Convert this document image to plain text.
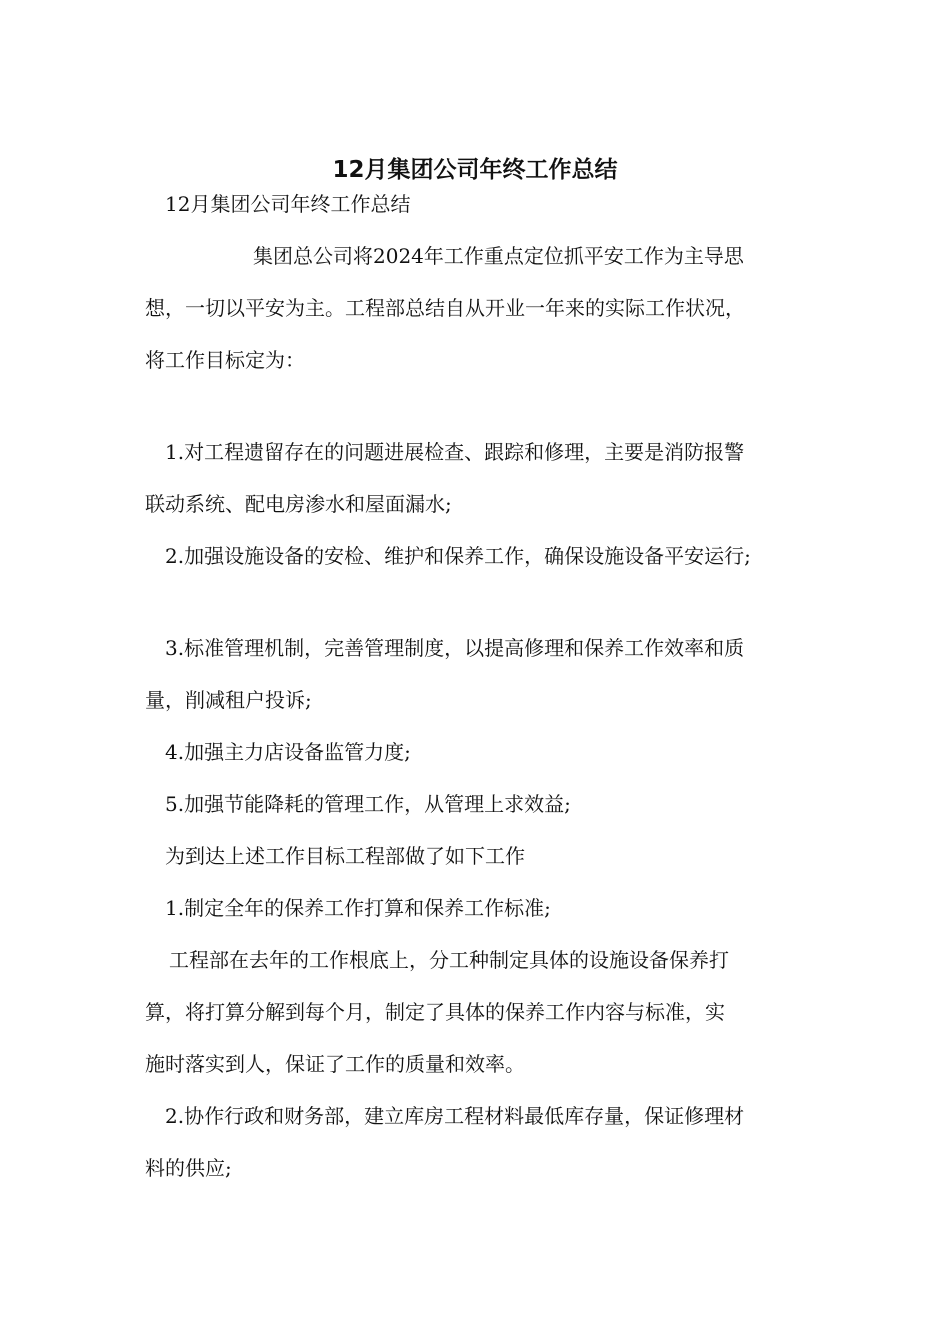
12月集团公司年终工作总结
12月集团公司年终工作总结
集团总公司将2024年工作重点定位抓平安工作为主导思
想，一切以平安为主。工程部总结自从开业一年来的实际工作状况，
将工作目标定为：
1.对工程遗留存在的问题进展检查、跟踪和修理，主要是消防报警
联动系统、配电房渗水和屋面漏水;
2.加强设施设备的安检、维护和保养工作，确保设施设备平安运行;
3.标准管理机制，完善管理制度，以提高修理和保养工作效率和质
量，削减租户投诉;
4.加强主力店设备监管力度;
5.加强节能降耗的管理工作，从管理上求效益;
为到达上述工作目标工程部做了如下工作
1.制定全年的保养工作打算和保养工作标准;
工程部在去年的工作根底上，分工种制定具体的设施设备保养打
算，将打算分解到每个月，制定了具体的保养工作内容与标准，实
施时落实到人，保证了工作的质量和效率。
2.协作行政和财务部，建立库房工程材料最低库存量，保证修理材
料的供应;
